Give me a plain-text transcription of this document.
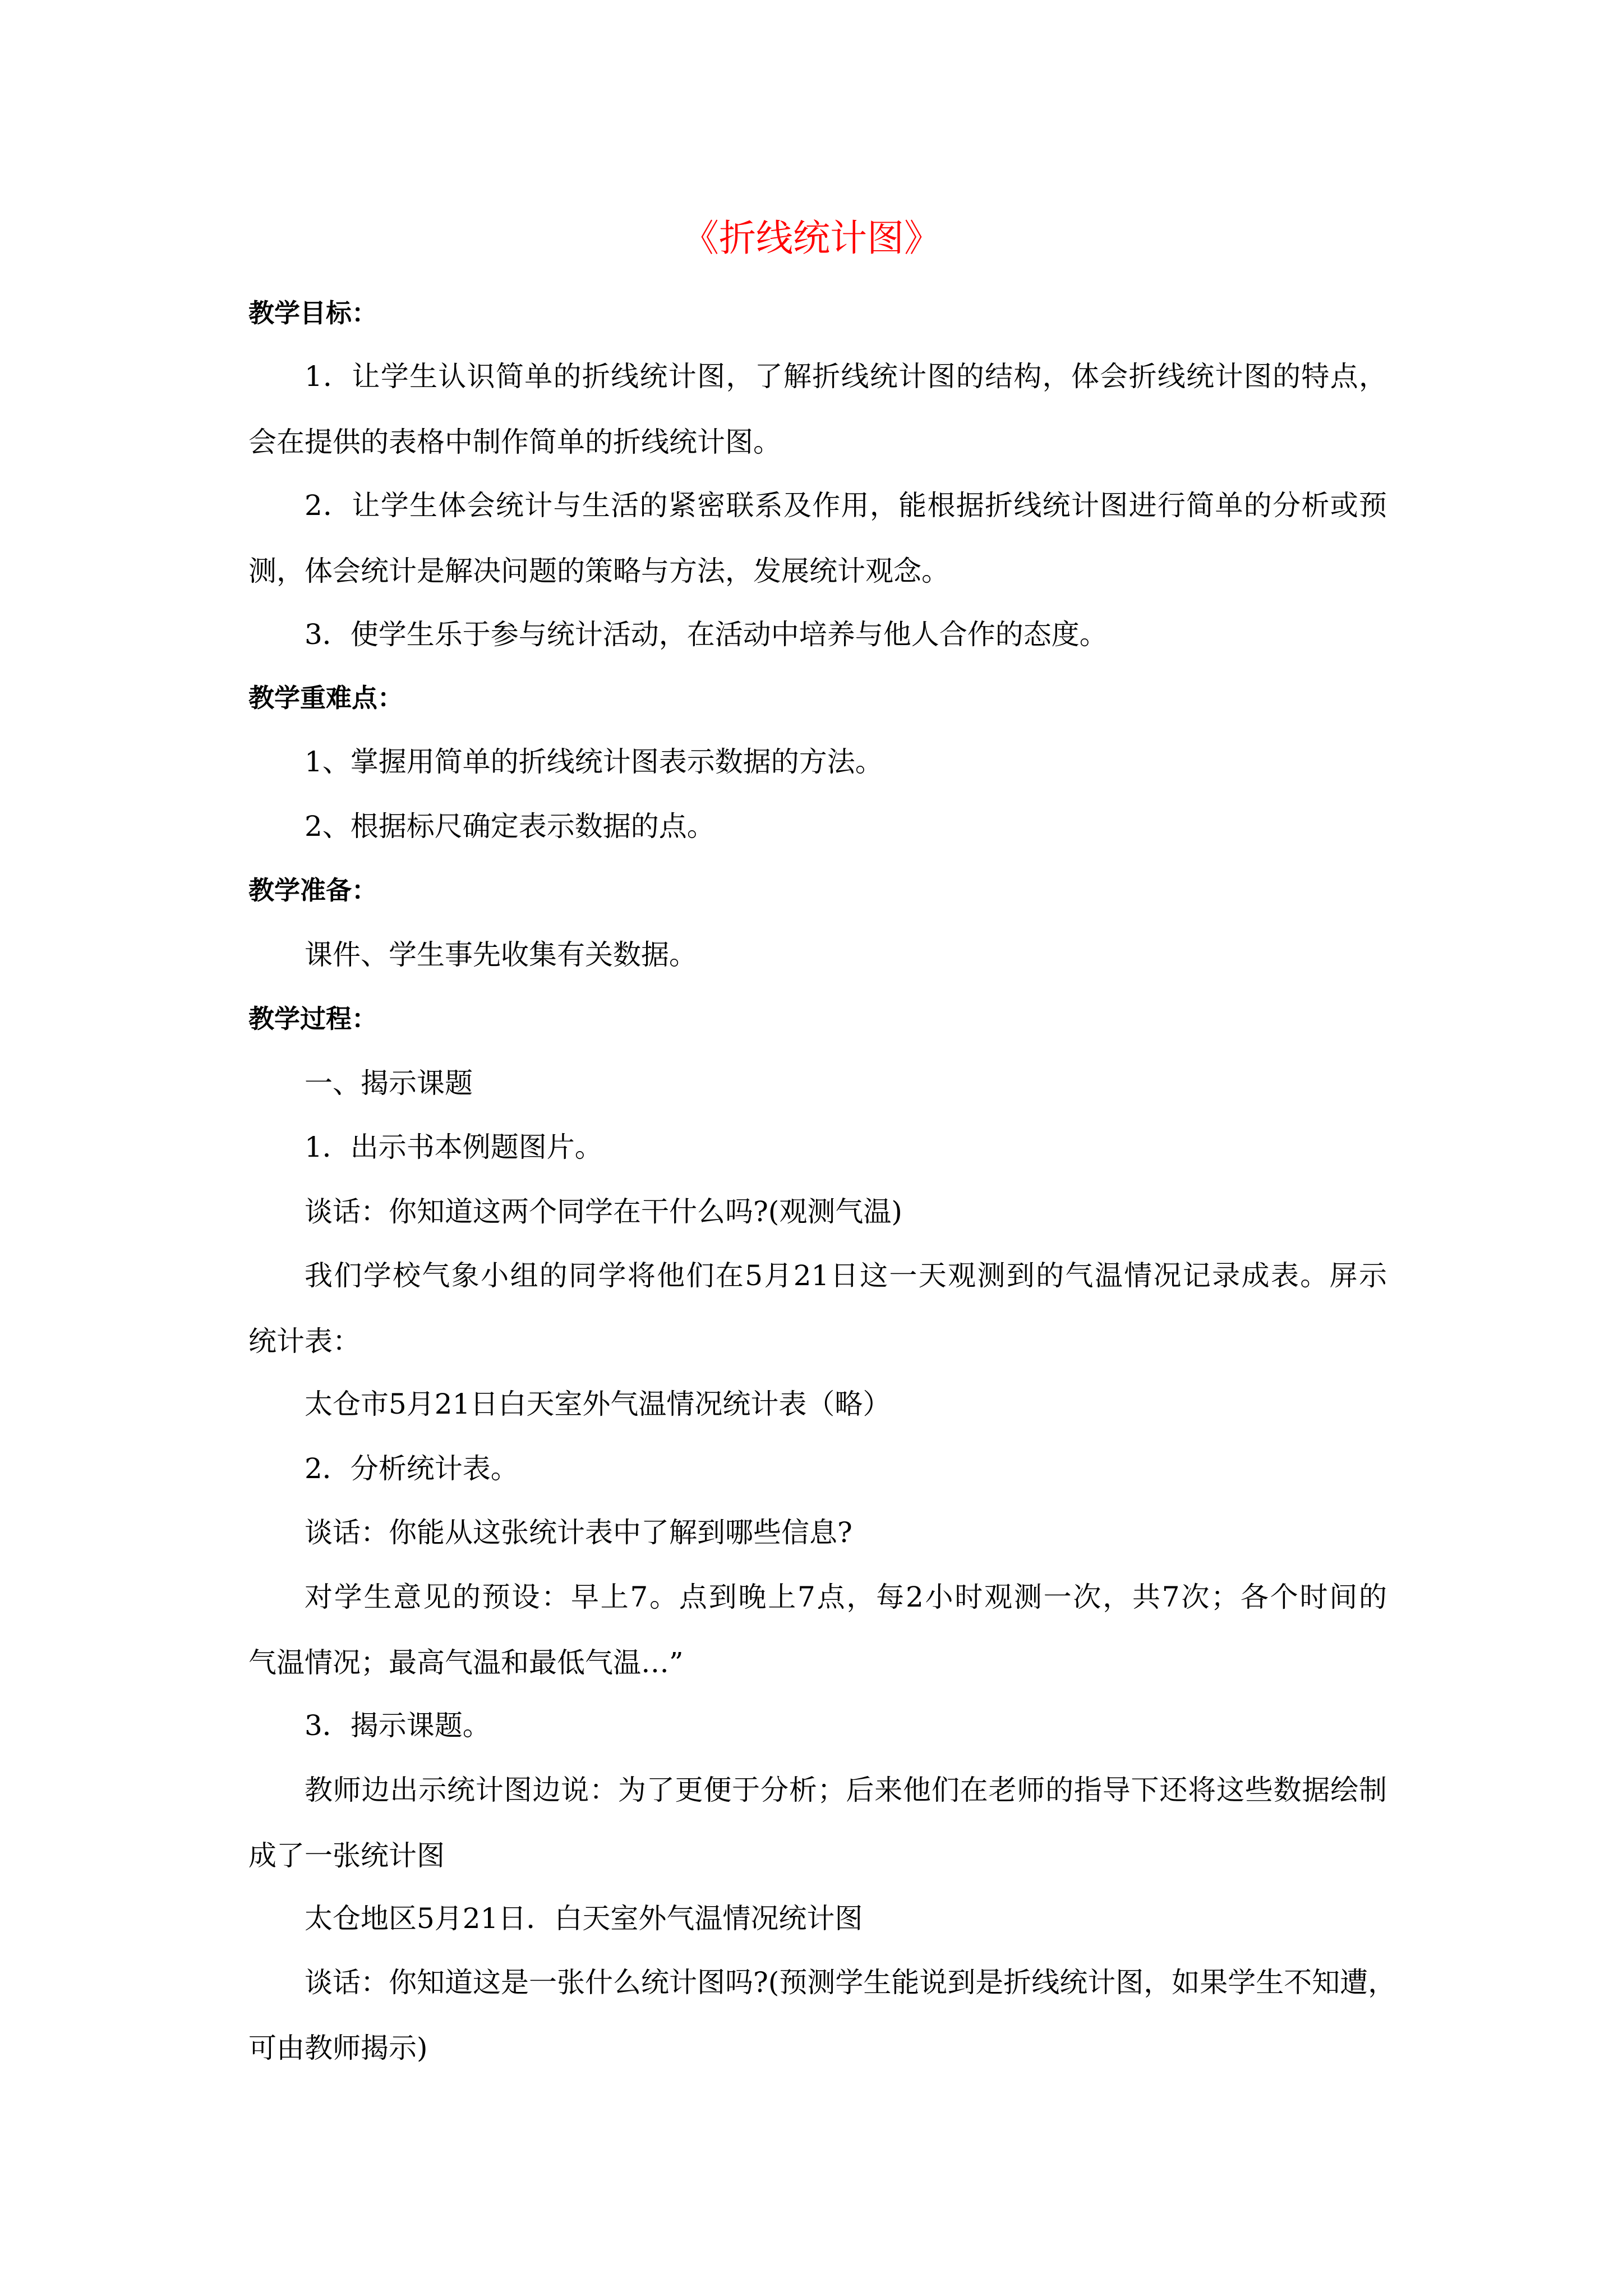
《折线统计图》
教学目标：
1．让学生认识简单的折线统计图，了解折线统计图的结构，体会折线统计图的特点，
会在提供的表格中制作简单的折线统计图。
2．让学生体会统计与生活的紧密联系及作用，能根据折线统计图进行简单的分析或预
测，体会统计是解决问题的策略与方法，发展统计观念。
3．使学生乐于参与统计活动，在活动中培养与他人合作的态度。
教学重难点：
1、掌握用简单的折线统计图表示数据的方法。
2、根据标尺确定表示数据的点。
教学准备：
课件、学生事先收集有关数据。
教学过程：
一、揭示课题
1．出示书本例题图片。
谈话：你知道这两个同学在干什么吗?(观测气温)
我们学校气象小组的同学将他们在5月21日这一天观测到的气温情况记录成表。屏示
统计表：
太仓市5月21日白天室外气温情况统计表（略）
2．分析统计表。
谈话：你能从这张统计表中了解到哪些信息?
对学生意见的预设：早上7。点到晚上7点，每2小时观测一次，共7次；各个时间的
气温情况；最高气温和最低气温…”
3．揭示课题。
教师边出示统计图边说：为了更便于分析；后来他们在老师的指导下还将这些数据绘制
成了一张统计图
太仓地区5月21日．白天室外气温情况统计图
谈话：你知道这是一张什么统计图吗?(预测学生能说到是折线统计图，如果学生不知遭，
可由教师揭示)
